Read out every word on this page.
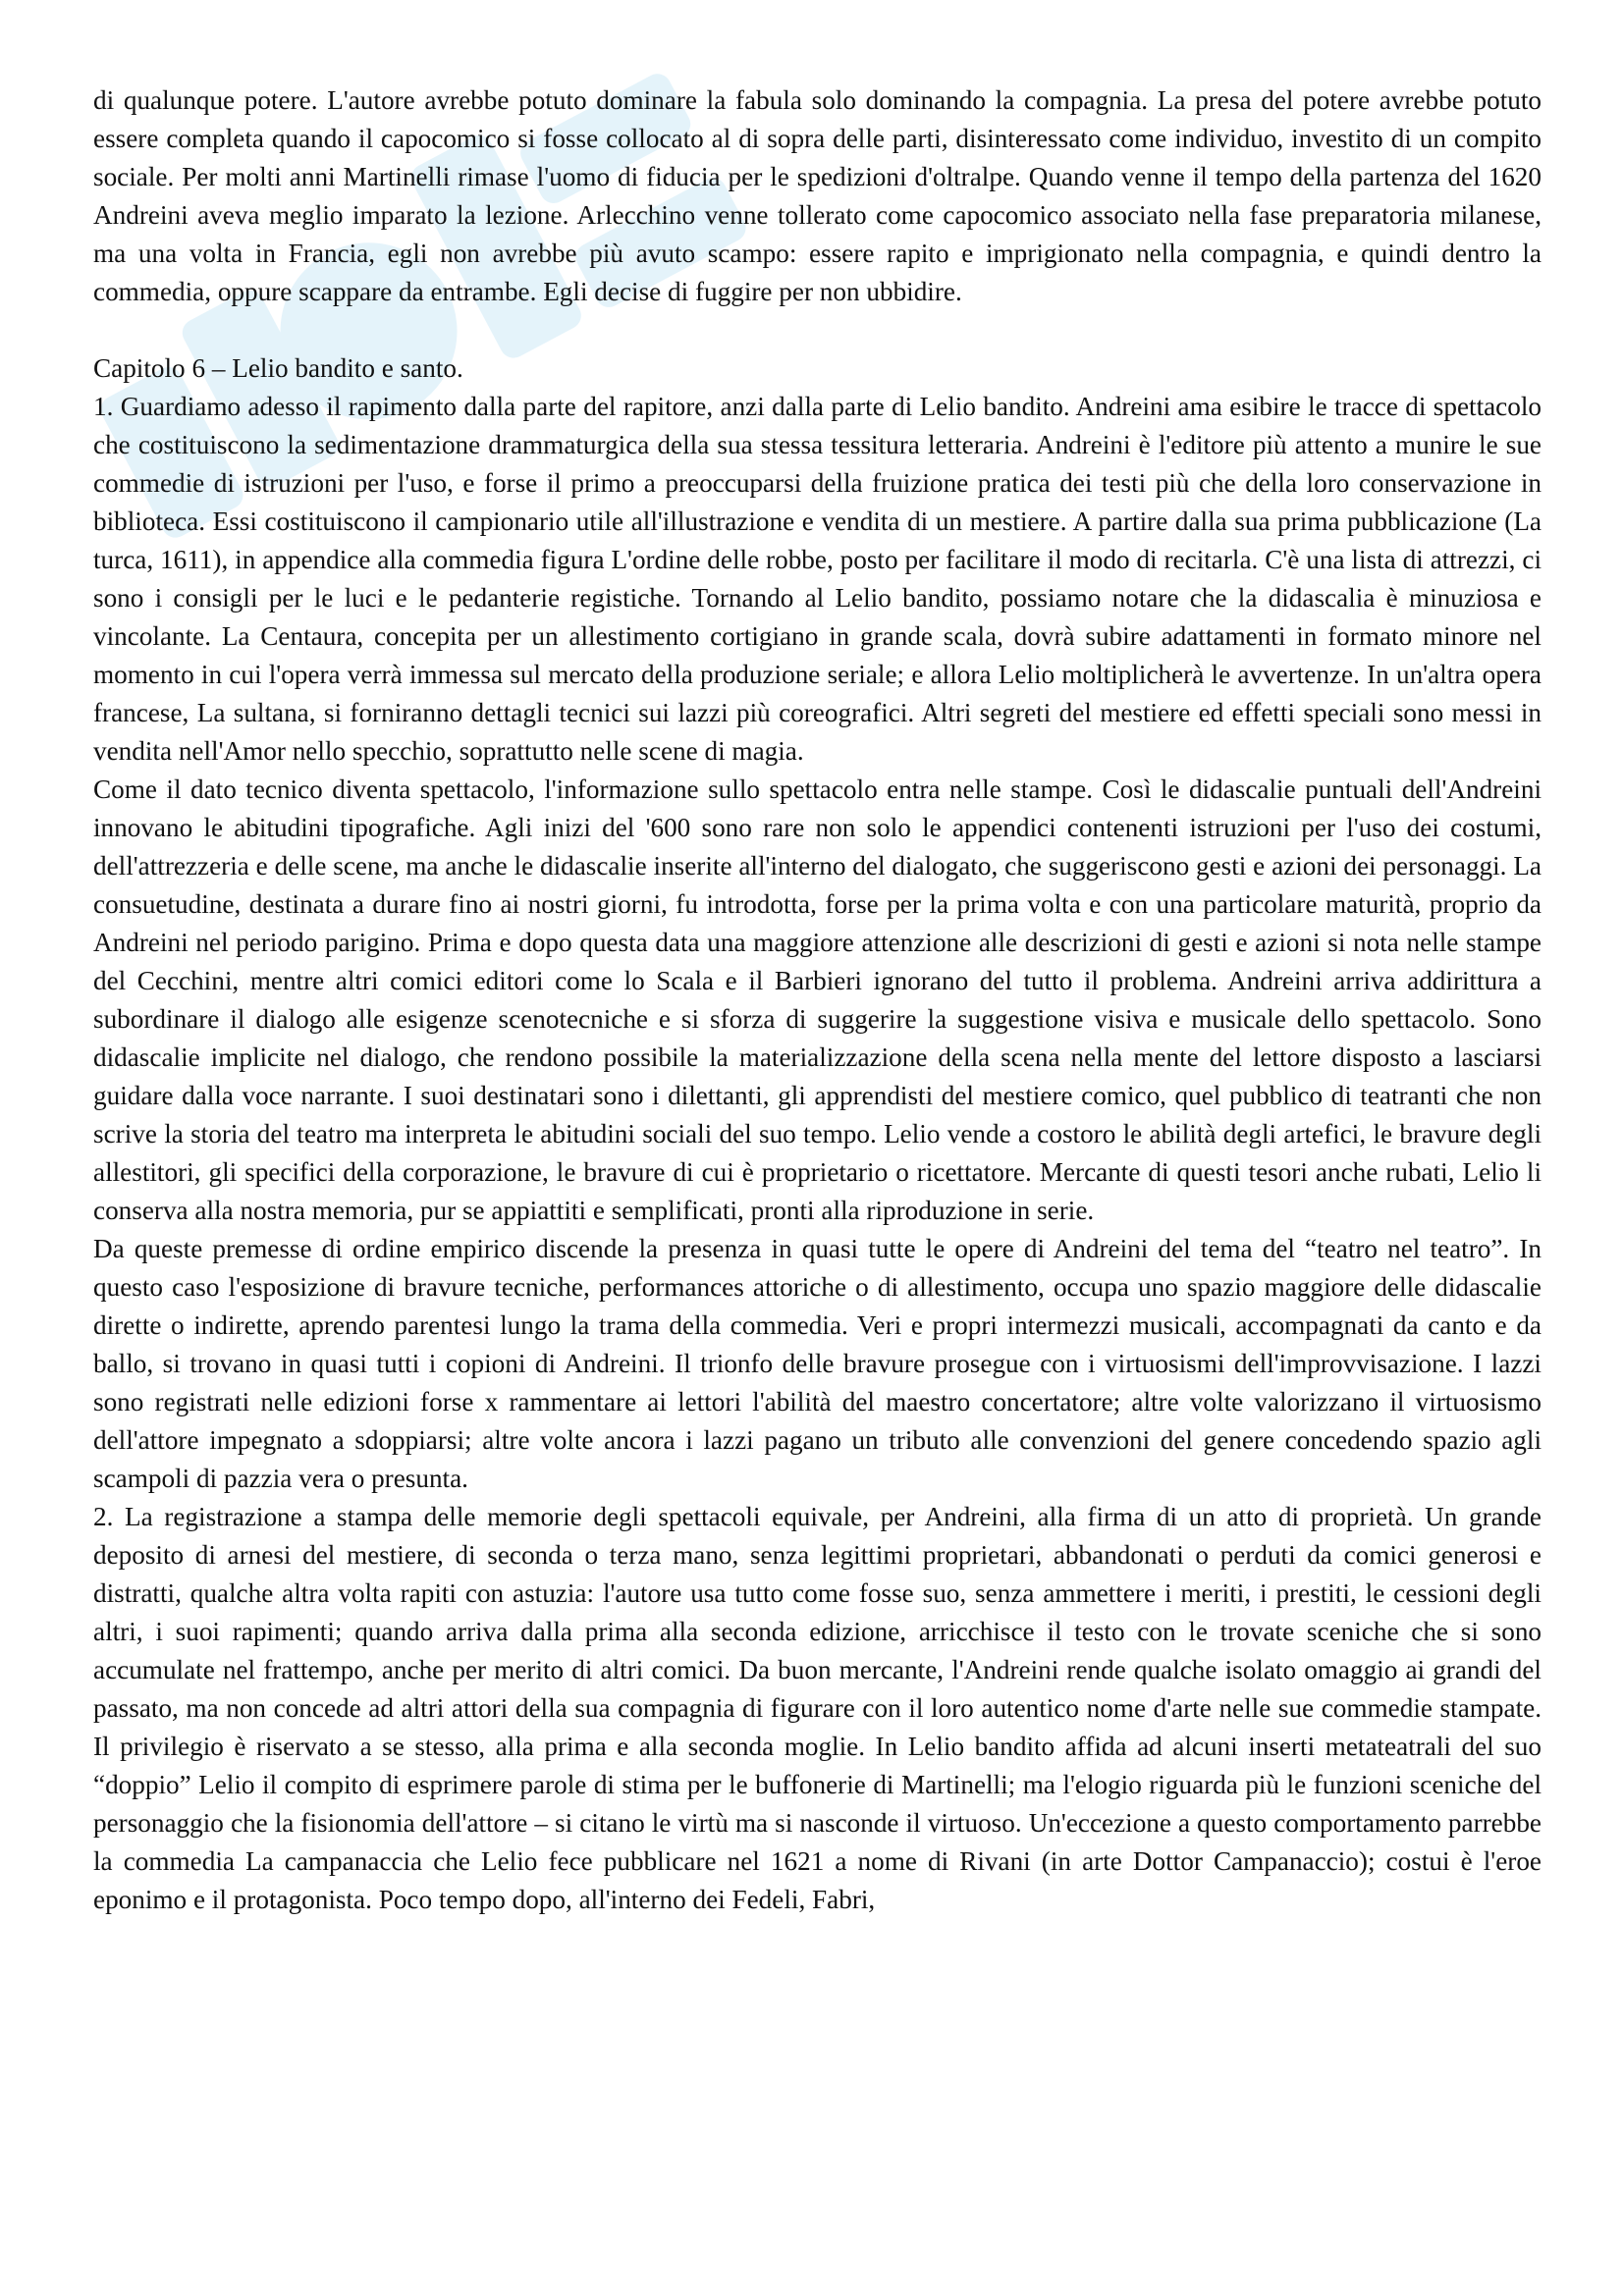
di qualunque potere. L'autore avrebbe potuto dominare la fabula solo dominando la compagnia. La presa del potere avrebbe potuto essere completa quando il capocomico si fosse collocato al di sopra delle parti, disinteressato come individuo, investito di un compito sociale. Per molti anni Martinelli rimase l'uomo di fiducia per le spedizioni d'oltralpe. Quando venne il tempo della partenza del 1620 Andreini aveva meglio imparato la lezione. Arlecchino venne tollerato come capocomico associato nella fase preparatoria milanese, ma una volta in Francia, egli non avrebbe più avuto scampo: essere rapito e imprigionato nella compagnia, e quindi dentro la commedia, oppure scappare da entrambe. Egli decise di fuggire per non ubbidire.

Capitolo 6 – Lelio bandito e santo.

1. Guardiamo adesso il rapimento dalla parte del rapitore, anzi dalla parte di Lelio bandito. Andreini ama esibire le tracce di spettacolo che costituiscono la sedimentazione drammaturgica della sua stessa tessitura letteraria. Andreini è l'editore più attento a munire le sue commedie di istruzioni per l'uso, e forse il primo a preoccuparsi della fruizione pratica dei testi più che della loro conservazione in biblioteca. Essi costituiscono il campionario utile all'illustrazione e vendita di un mestiere. A partire dalla sua prima pubblicazione (La turca, 1611), in appendice alla commedia figura L'ordine delle robbe, posto per facilitare il modo di recitarla. C'è una lista di attrezzi, ci sono i consigli per le luci e le pedanterie registiche. Tornando al Lelio bandito, possiamo notare che la didascalia è minuziosa e vincolante. La Centaura, concepita per un allestimento cortigiano in grande scala, dovrà subire adattamenti in formato minore nel momento in cui l'opera verrà immessa sul mercato della produzione seriale; e allora Lelio moltiplicherà le avvertenze. In un'altra opera francese, La sultana, si forniranno dettagli tecnici sui lazzi più coreografici. Altri segreti del mestiere ed effetti speciali sono messi in vendita nell'Amor nello specchio, soprattutto nelle scene di magia.

Come il dato tecnico diventa spettacolo, l'informazione sullo spettacolo entra nelle stampe. Così le didascalie puntuali dell'Andreini innovano le abitudini tipografiche. Agli inizi del '600 sono rare non solo le appendici contenenti istruzioni per l'uso dei costumi, dell'attrezzeria e delle scene, ma anche le didascalie inserite all'interno del dialogato, che suggeriscono gesti e azioni dei personaggi. La consuetudine, destinata a durare fino ai nostri giorni, fu introdotta, forse per la prima volta e con una particolare maturità, proprio da Andreini nel periodo parigino. Prima e dopo questa data una maggiore attenzione alle descrizioni di gesti e azioni si nota nelle stampe del Cecchini, mentre altri comici editori come lo Scala e il Barbieri ignorano del tutto il problema. Andreini arriva addirittura a subordinare il dialogo alle esigenze scenotecniche e si sforza di suggerire la suggestione visiva e musicale dello spettacolo. Sono didascalie implicite nel dialogo, che rendono possibile la materializzazione della scena nella mente del lettore disposto a lasciarsi guidare dalla voce narrante. I suoi destinatari sono i dilettanti, gli apprendisti del mestiere comico, quel pubblico di teatranti che non scrive la storia del teatro ma interpreta le abitudini sociali del suo tempo. Lelio vende a costoro le abilità degli artefici, le bravure degli allestitori, gli specifici della corporazione, le bravure di cui è proprietario o ricettatore. Mercante di questi tesori anche rubati, Lelio li conserva alla nostra memoria, pur se appiattiti e semplificati, pronti alla riproduzione in serie.

Da queste premesse di ordine empirico discende la presenza in quasi tutte le opere di Andreini del tema del “teatro nel teatro”. In questo caso l'esposizione di bravure tecniche, performances attoriche o di allestimento, occupa uno spazio maggiore delle didascalie dirette o indirette, aprendo parentesi lungo la trama della commedia. Veri e propri intermezzi musicali, accompagnati da canto e da ballo, si trovano in quasi tutti i copioni di Andreini. Il trionfo delle bravure prosegue con i virtuosismi dell'improvvisazione. I lazzi sono registrati nelle edizioni forse x rammentare ai lettori l'abilità del maestro concertatore; altre volte valorizzano il virtuosismo dell'attore impegnato a sdoppiarsi; altre volte ancora i lazzi pagano un tributo alle convenzioni del genere concedendo spazio agli scampoli di pazzia vera o presunta.

2. La registrazione a stampa delle memorie degli spettacoli equivale, per Andreini, alla firma di un atto di proprietà. Un grande deposito di arnesi del mestiere, di seconda o terza mano, senza legittimi proprietari, abbandonati o perduti da comici generosi e distratti, qualche altra volta rapiti con astuzia: l'autore usa tutto come fosse suo, senza ammettere i meriti, i prestiti, le cessioni degli altri, i suoi rapimenti; quando arriva dalla prima alla seconda edizione, arricchisce il testo con le trovate sceniche che si sono accumulate nel frattempo, anche per merito di altri comici. Da buon mercante, l'Andreini rende qualche isolato omaggio ai grandi del passato, ma non concede ad altri attori della sua compagnia di figurare con il loro autentico nome d'arte nelle sue commedie stampate. Il privilegio è riservato a se stesso, alla prima e alla seconda moglie. In Lelio bandito affida ad alcuni inserti metateatrali del suo “doppio” Lelio il compito di esprimere parole di stima per le buffonerie di Martinelli; ma l'elogio riguarda più le funzioni sceniche del personaggio che la fisionomia dell'attore – si citano le virtù ma si nasconde il virtuoso. Un'eccezione a questo comportamento parrebbe la commedia La campanaccia che Lelio fece pubblicare nel 1621 a nome di Rivani (in arte Dottor Campanaccio); costui è l'eroe eponimo e il protagonista. Poco tempo dopo, all'interno dei Fedeli, Fabri,
